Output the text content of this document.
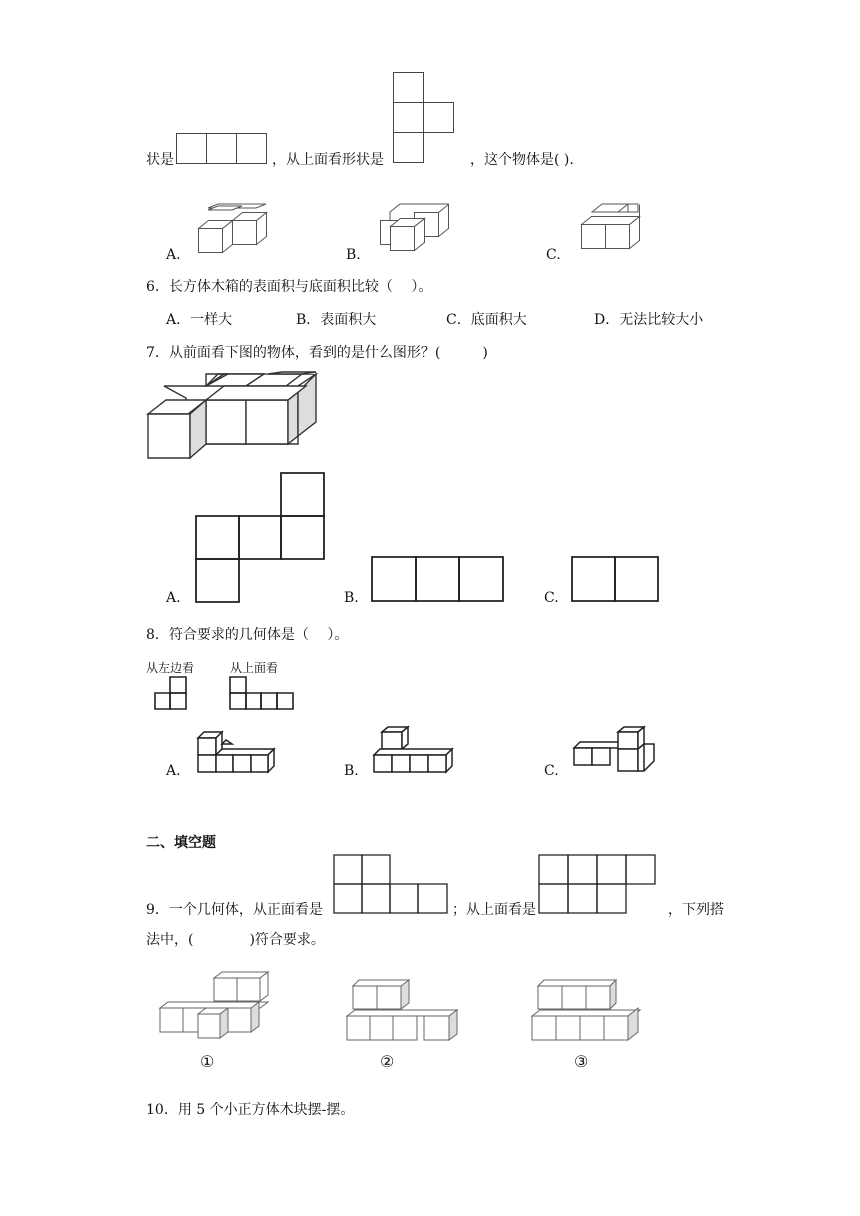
状是	，从上面看形状是	，这个物体是( ).
A.	B.	C.
6．长方体木箱的表面积与底面积比较（　 ）。
A．一样大	B．表面积大	C．底面积大	D．无法比较大小
7．从前面看下图的物体，看到的是什么图形？(　　　)
A.	B.	C.
8．符合要求的几何体是（　 ）。
从左边看	从上面看
A.	B.	C.
二、填空题
9．一个几何体，从正面看是	；从上面看是	，下列搭
法中，(　　　　)符合要求。
①	②	③
10．用 5 个小正方体木块摆-摆。
